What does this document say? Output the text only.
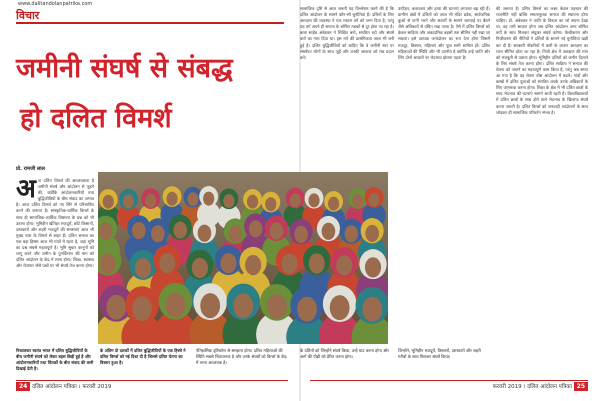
www.dalitandolanpatrika.com
विचार
जमीनी संघर्ष से संबद्ध
हो दलित विमर्श
प्रो. रामजी लाल
अ ज दलित विमर्श की आवश्यकता है जमीनी संघर्ष और आंदोलन से जुड़ने की, क्योंकि आंदोलनकारियों तथा बुद्धिजीवियों के बीच संवाद का अभाव है। आज दलित विमर्श को नए सिरे से परिभाषित करने की जरूरत है। सांस्कृतिक-धार्मिक विमर्श के साथ ही सामाजिक-आर्थिक विषमता के प्रश्न को भी उठाना होगा। भूमिहीन खेतिहर मजदूरों, छोटे किसानों, दस्तकारों और शहरी मजदूरों की समस्याएं आज भी मुख्य धारा के विमर्श से बाहर हैं। दलित समाज का एक बड़ा हिस्सा आज भी गांवों में रहता है, जहां भूमि का प्रश्न सबसे महत्वपूर्ण है। भूमि सुधार कानूनों को लागू करने और जमीन के पुनर्वितरण की मांग को दलित आंदोलन के केंद्र में लाना होगा। शिक्षा, स्वास्थ्य और रोजगार जैसे प्रश्नों पर भी संघर्ष तेज करना होगा।
सामाजिक दृष्टि से आज जरूरी यह विश्लेषण करने की है कि दलित आंदोलन के सामने कौन-सी चुनौतियां हैं। दलितों के लिए आरक्षण की व्यवस्था ने एक मध्यम वर्ग को जन्म दिया है, परंतु यह वर्ग अपने ही समाज के शोषित तबकों से दूर होता जा रहा है। बाबा साहेब अंबेडकर ने शिक्षित बनो, संगठित रहो और संघर्ष करो का नारा दिया था। इस नारे की प्रासंगिकता आज भी बनी हुई है। दलित बुद्धिजीवियों को चाहिए कि वे जमीनी स्तर पर संघर्षरत लोगों के साथ जुड़ें और उनकी आवाज को मंच प्रदान करें।
उत्पीड़न, बलात्कार और हत्या की घटनाएं लगातार बढ़ रही हैं। ग्रामीण क्षेत्रों में दलितों को आज भी मंदिर प्रवेश, सार्वजनिक कुओं से पानी भरने और सवर्णों के सामने चारपाई पर बैठने जैसे अधिकारों से वंचित रखा जाता है। ऐसे में दलित विमर्श को केवल साहित्य और अकादमिक बहसों तक सीमित नहीं रखा जा सकता। इसे व्यापक जनांदोलन का रूप देना होगा जिसमें मजदूर, किसान, महिलाएं और युवा सभी शामिल हों। दलित महिलाओं की स्थिति और भी दयनीय है क्योंकि उन्हें जाति और लिंग दोनों आधारों पर भेदभाव झेलना पड़ता है।
की जरूरत है। दलित विमर्श का लक्ष्य केवल पहचान की राजनीति नहीं बल्कि समतामूलक समाज की स्थापना होना चाहिए। डॉ. अंबेडकर ने जाति के विनाश का जो सपना देखा था, वह तभी साकार होगा जब दलित आंदोलन अन्य शोषित वर्गों के साथ मिलकर संयुक्त संघर्ष करेगा। वैश्वीकरण और निजीकरण की नीतियों ने दलितों के सामने नई चुनौतियां खड़ी कर दी हैं। सरकारी नौकरियों में कमी के कारण आरक्षण का लाभ सीमित होता जा रहा है। निजी क्षेत्र में आरक्षण की मांग को मजबूती से उठाना होगा। भूमिहीन दलितों को जमीन दिलाने के लिए संघर्ष तेज करना होगा। दलित साहित्य ने समाज की चेतना को जगाने का महत्वपूर्ण काम किया है, परंतु अब समय आ गया है कि यह चेतना ठोस आंदोलन में बदले। गांवों और कस्बों में दलित युवाओं को संगठित करके उनके अधिकारों के लिए जागरूक करना होगा। शिक्षा के क्षेत्र में भी दलित छात्रों के साथ भेदभाव की घटनाएं सामने आती रहती हैं। विश्वविद्यालयों में दलित छात्रों के साथ होने वाले भेदभाव के खिलाफ संघर्ष करना जरूरी है। दलित विमर्श को जनवादी आंदोलनों के साथ जोड़कर ही सामाजिक परिवर्तन संभव है।
निकालकर स्वतंत्र भारत में दलित बुद्धिजीवियों के बीच जमीनी संघर्ष को लेकर बहस छिड़ी हुई है और आंदोलनकारियों तथा चिंतकों के बीच संवाद की कमी दिखाई देती है।
के अंतिम दो दशकों में दलित बुद्धिजीवियों के एक हिस्से ने दलित विमर्श को नई दिशा दी है जिससे दलित चेतना का विस्तार हुआ है।
ऐतिहासिक दृष्टिकोण से समझना होगा। दलित महिलाओं की स्थिति सबसे चिंताजनक है और उनके संघर्षों को विमर्श के केंद्र में लाना आवश्यक है।
के दलितों को जिन्होंने संघर्ष किया, उन्हें याद करना होगा और आगे की पीढ़ी को प्रेरित करना होगा।
जिन्होंने, भूमिहीन मजदूरों, किसानों, दस्तकारों और शहरी गरीबों के साथ मिलकर संघर्ष किया।
24 दलित आंदोलन पत्रिका । फरवरी 2019	फरवरी 2019 । दलित आंदोलन पत्रिका 25
